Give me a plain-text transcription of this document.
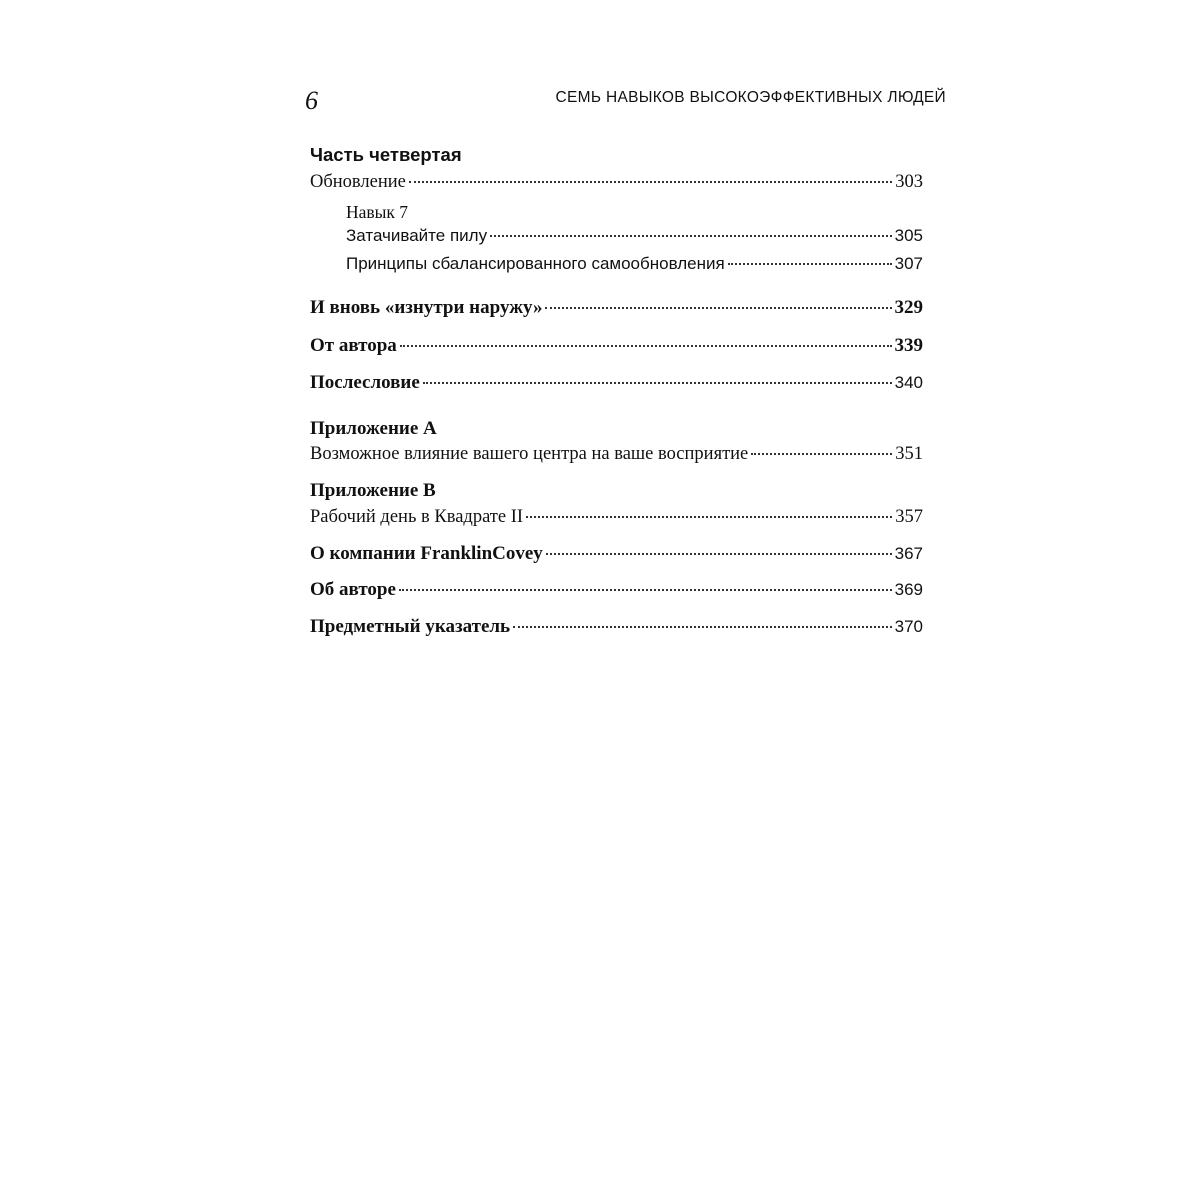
6	СЕМЬ НАВЫКОВ ВЫСОКОЭФФЕКТИВНЫХ ЛЮДЕЙ
Часть четвертая
Обновление	303
Навык 7
Затачивайте пилу	305
Принципы сбалансированного самообновления	307
И вновь «изнутри наружу»	329
От автора	339
Послесловие	340
Приложение А
Возможное влияние вашего центра на ваше восприятие	351
Приложение В
Рабочий день в Квадрате II	357
О компании FranklinCovey	367
Об авторе	369
Предметный указатель	370
